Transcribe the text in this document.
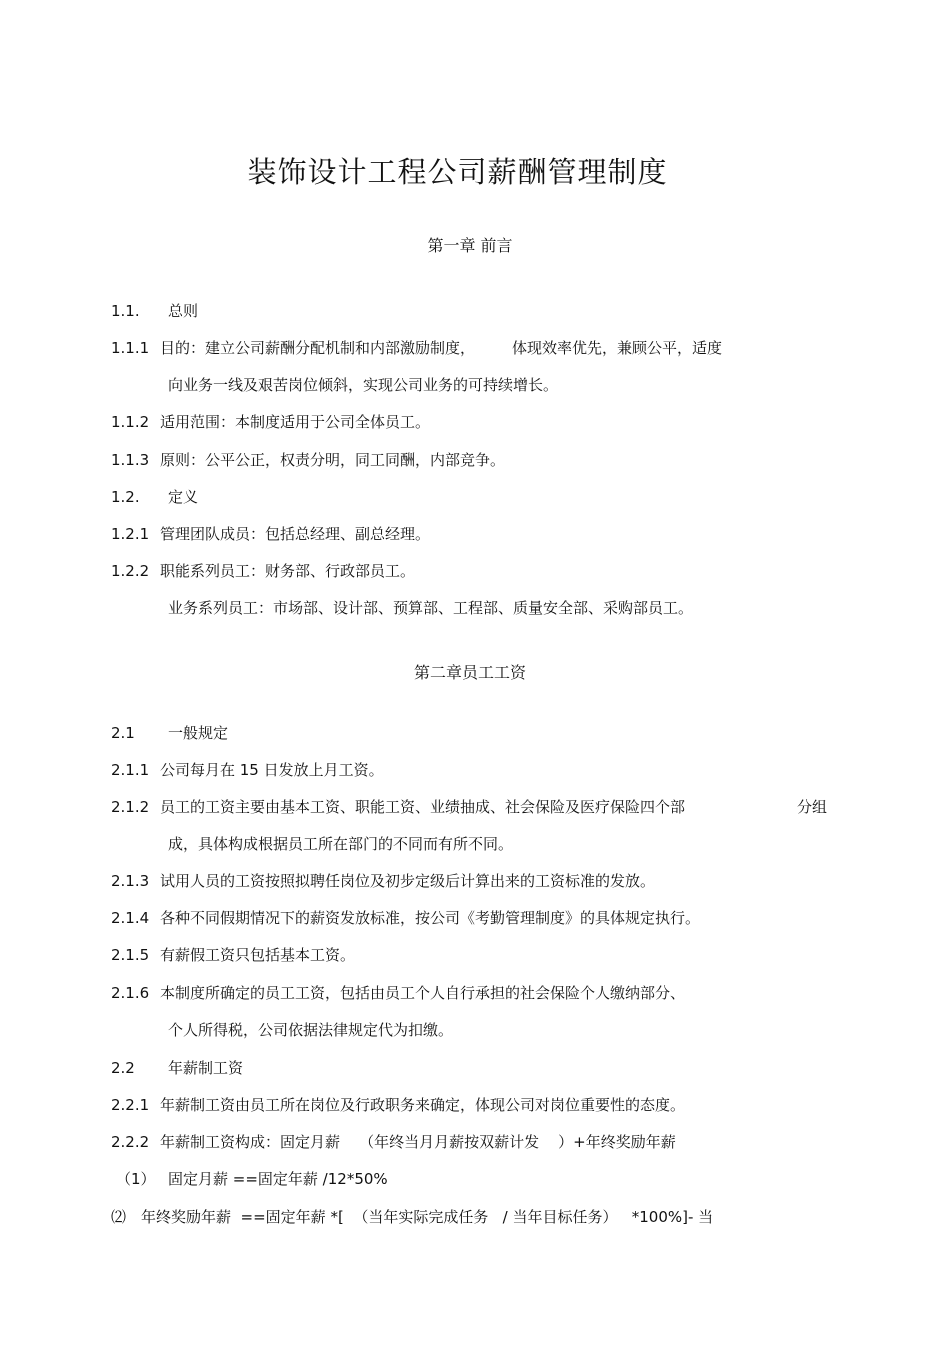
装饰设计工程公司薪酬管理制度
第一章 前言
1.1. 总则
1.1.1 目的：建立公司薪酬分配机制和内部激励制度， 体现效率优先，兼顾公平，适度
向业务一线及艰苦岗位倾斜，实现公司业务的可持续增长。
1.1.2 适用范围：本制度适用于公司全体员工。
1.1.3 原则：公平公正，权责分明，同工同酬，内部竞争。
1.2. 定义
1.2.1 管理团队成员：包括总经理、副总经理。
1.2.2 职能系列员工：财务部、行政部员工。
业务系列员工：市场部、设计部、预算部、工程部、质量安全部、采购部员工。
第二章员工工资
2.1 一般规定
2.1.1 公司每月在 15 日发放上月工资。
2.1.2 员工的工资主要由基本工资、职能工资、业绩抽成、社会保险及医疗保险四个部	分组
成，具体构成根据员工所在部门的不同而有所不同。
2.1.3 试用人员的工资按照拟聘任岗位及初步定级后计算出来的工资标准的发放。
2.1.4 各种不同假期情况下的薪资发放标准，按公司《考勤管理制度》的具体规定执行。
2.1.5 有薪假工资只包括基本工资。
2.1.6 本制度所确定的员工工资，包括由员工个人自行承担的社会保险个人缴纳部分、
个人所得税，公司依据法律规定代为扣缴。
2.2 年薪制工资
2.2.1 年薪制工资由员工所在岗位及行政职务来确定，体现公司对岗位重要性的态度。
2.2.2 年薪制工资构成：固定月薪    （年终当月月薪按双薪计发    ）+年终奖励年薪
（1） 固定月薪 ==固定年薪 /12*50%
⑵ 年终奖励年薪  ==固定年薪 *[  （当年实际完成任务   / 当年目标任务）   *100%]- 当
